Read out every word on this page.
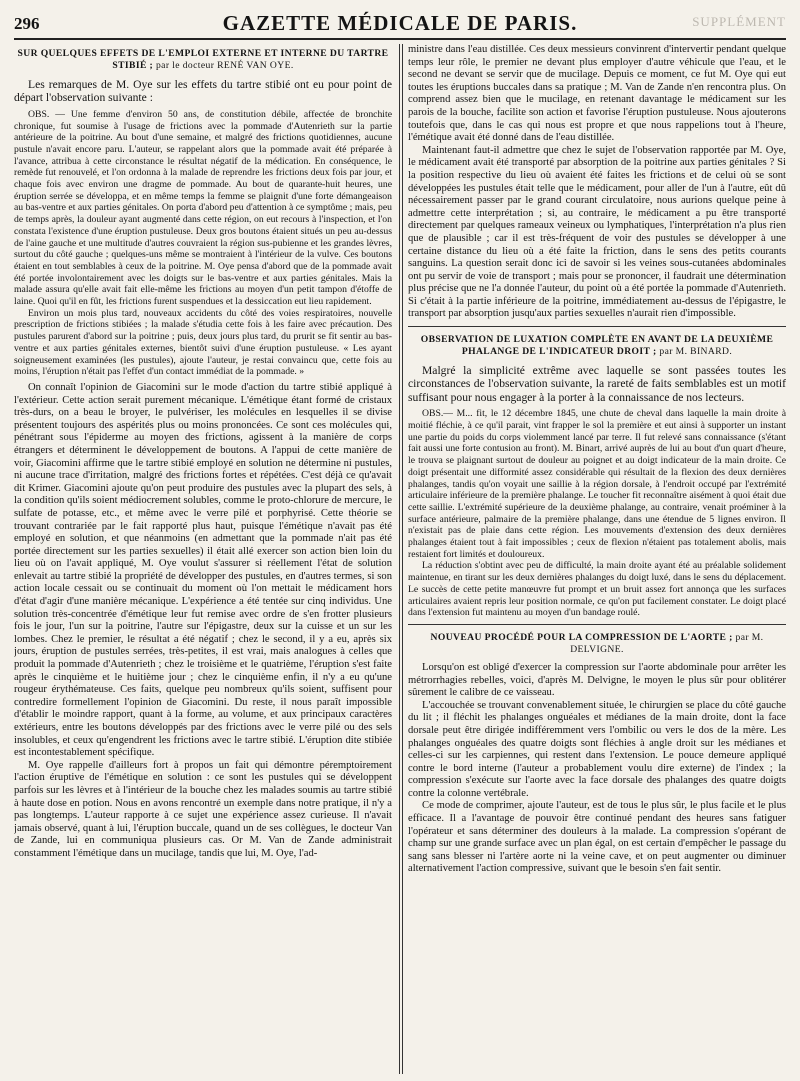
296	GAZETTE MÉDICALE DE PARIS.	SUPPLÉMENT
SUR QUELQUES EFFETS DE L'EMPLOI EXTERNE ET INTERNE DU TARTRE STIBIÉ ; par le docteur RENÉ VAN OYE.

Les remarques de M. Oye sur les effets du tartre stibié ont eu pour point de départ l'observation suivante :

OBS. — Une femme d'environ 50 ans, de constitution débile, affectée de bronchite chronique, fut soumise à l'usage de frictions avec la pommade d'Autenrieth sur la partie antérieure de la poitrine. Au bout d'une semaine, et malgré des frictions quotidiennes, aucune pustule n'avait encore paru. L'auteur, se rappelant alors que la pommade avait été préparée à l'avance, attribua à cette circonstance le résultat négatif de la médication. En conséquence, le remède fut renouvelé, et l'on ordonna à la malade de reprendre les frictions deux fois par jour, et chaque fois avec environ une dragme de pommade. Au bout de quarante-huit heures, une éruption serrée se développa, et en même temps la femme se plaignit d'une forte démangeaison au bas-ventre et aux parties génitales. On porta d'abord peu d'attention à ce symptôme ; mais, peu de temps après, la douleur ayant augmenté dans cette région, on eut recours à l'inspection, et l'on constata l'existence d'une éruption pustuleuse. Deux gros boutons étaient situés un peu au-dessus de l'aine gauche et une multitude d'autres couvraient la région sus-pubienne et les grandes lèvres, surtout du côté gauche ; quelques-uns même se montraient à l'intérieur de la vulve. Ces boutons étaient en tout semblables à ceux de la poitrine. M. Oye pensa d'abord que de la pommade avait été portée involontairement avec les doigts sur le bas-ventre et aux parties génitales. Mais la malade assura qu'elle avait fait elle-même les frictions au moyen d'un petit tampon d'étoffe de laine. Quoi qu'il en fût, les frictions furent suspendues et la dessiccation eut lieu rapidement.

Environ un mois plus tard, nouveaux accidents du côté des voies respiratoires, nouvelle prescription de frictions stibiées ; la malade s'étudia cette fois à les faire avec précaution. Des pustules parurent d'abord sur la poitrine ; puis, deux jours plus tard, du prurit se fit sentir au bas-ventre et aux parties génitales externes, bientôt suivi d'une éruption pustuleuse. « Les ayant soigneusement examinées (les pustules), ajoute l'auteur, je restai convaincu que, cette fois au moins, l'éruption n'était pas l'effet d'un contact immédiat de la pommade. »

On connaît l'opinion de Giacomini sur le mode d'action du tartre stibié appliqué à l'extérieur. Cette action serait purement mécanique. L'émétique étant formé de cristaux très-durs, on a beau le broyer, le pulvériser, les molécules en lesquelles il se divise présentent toujours des aspérités plus ou moins prononcées. Ce sont ces molécules qui, pénétrant sous l'épiderme au moyen des frictions, agissent à la manière de corps étrangers et déterminent le développement de boutons. A l'appui de cette manière de voir, Giacomini affirme que le tartre stibié employé en solution ne détermine ni pustules, ni aucune trace d'irritation, malgré des frictions fortes et répétées. C'est déjà ce qu'avait dit Krimer. Giacomini ajoute qu'on peut produire des pustules avec la plupart des sels, à la condition qu'ils soient médiocrement solubles, comme le proto-chlorure de mercure, le sulfate de potasse, etc., et même avec le verre pilé et porphyrisé. Cette théorie se trouvant contrariée par le fait rapporté plus haut, puisque l'émétique n'avait pas été employé en solution, et que néanmoins (en admettant que la pommade n'ait pas été portée directement sur les parties sexuelles) il était allé exercer son action bien loin du lieu où on l'avait appliqué, M. Oye voulut s'assurer si réellement l'état de solution enlevait au tartre stibié la propriété de développer des pustules, en d'autres termes, si son action locale cessait ou se continuait du moment où l'on mettait le médicament hors d'état d'agir d'une manière mécanique. L'expérience a été tentée sur cinq individus. Une solution très-concentrée d'émétique leur fut remise avec ordre de s'en frotter plusieurs fois le jour, l'un sur la poitrine, l'autre sur l'épigastre, deux sur la cuisse et un sur les lombes. Chez le premier, le résultat a été négatif ; chez le second, il y a eu, après six jours, éruption de pustules serrées, très-petites, il est vrai, mais analogues à celles que produit la pommade d'Autenrieth ; chez le troisième et le quatrième, l'éruption s'est faite après le cinquième et le huitième jour ; chez le cinquième enfin, il n'y a eu qu'une rougeur érythémateuse. Ces faits, quelque peu nombreux qu'ils soient, suffisent pour contredire formellement l'opinion de Giacomini. Du reste, il nous paraît impossible d'établir le moindre rapport, quant à la forme, au volume, et aux principaux caractères extérieurs, entre les boutons développés par des frictions avec le verre pilé ou des sels insolubles, et ceux qu'engendrent les frictions avec le tartre stibié. L'éruption dite stibiée est incontestablement spécifique.

M. Oye rappelle d'ailleurs fort à propos un fait qui démontre péremptoirement l'action éruptive de l'émétique en solution : ce sont les pustules qui se développent parfois sur les lèvres et à l'intérieur de la bouche chez les malades soumis au tartre stibié à haute dose en potion. Nous en avons rencontré un exemple dans notre pratique, il n'y a pas longtemps. L'auteur rapporte à ce sujet une expérience assez curieuse. Il n'avait jamais observé, quant à lui, l'éruption buccale, quand un de ses collègues, le docteur Van de Zande, lui en communiqua plusieurs cas. Or M. Van de Zande administrait constamment l'émétique dans un mucilage, tandis que lui, M. Oye, l'ad-

ministre dans l'eau distillée. Ces deux messieurs convinrent d'intervertir pendant quelque temps leur rôle, le premier ne devant plus employer d'autre véhicule que l'eau, et le second ne devant se servir que de mucilage. Depuis ce moment, ce fut M. Oye qui eut toutes les éruptions buccales dans sa pratique ; M. Van de Zande n'en rencontra plus. On comprend assez bien que le mucilage, en retenant davantage le médicament sur les parois de la bouche, facilite son action et favorise l'éruption pustuleuse. Nous ajouterons toutefois que, dans le cas qui nous est propre et que nous rappelions tout à l'heure, l'émétique avait été donné dans de l'eau distillée.

Maintenant faut-il admettre que chez le sujet de l'observation rapportée par M. Oye, le médicament avait été transporté par absorption de la poitrine aux parties génitales ? Si la position respective du lieu où avaient été faites les frictions et de celui où se sont développées les pustules était telle que le médicament, pour aller de l'un à l'autre, eût dû nécessairement passer par le grand courant circulatoire, nous aurions quelque peine à admettre cette interprétation ; si, au contraire, le médicament a pu être transporté directement par quelques rameaux veineux ou lymphatiques, l'interprétation n'a plus rien que de plausible ; car il est très-fréquent de voir des pustules se développer à une certaine distance du lieu où a été faite la friction, dans le sens des petits courants sanguins. La question serait donc ici de savoir si les veines sous-cutanées abdominales ont pu servir de voie de transport ; mais pour se prononcer, il faudrait une détermination plus précise que ne l'a donnée l'auteur, du point où a été portée la pommade d'Autenrieth. Si c'était à la partie inférieure de la poitrine, immédiatement au-dessus de l'épigastre, le transport par absorption jusqu'aux parties sexuelles n'aurait rien d'impossible.

OBSERVATION DE LUXATION COMPLÈTE EN AVANT DE LA DEUXIÈME PHALANGE DE L'INDICATEUR DROIT ; par M. BINARD.

Malgré la simplicité extrême avec laquelle se sont passées toutes les circonstances de l'observation suivante, la rareté de faits semblables est un motif suffisant pour nous engager à la porter à la connaissance de nos lecteurs.

OBS.— M... fit, le 12 décembre 1845, une chute de cheval dans laquelle la main droite à moitié fléchie, à ce qu'il parait, vint frapper le sol la première et eut ainsi à supporter un instant une partie du poids du corps violemment lancé par terre. Il fut relevé sans connaissance (s'étant fait aussi une forte contusion au front). M. Binart, arrivé auprès de lui au bout d'un quart d'heure, le trouva se plaignant surtout de douleur au poignet et au doigt indicateur de la main droite. Ce doigt présentait une difformité assez considérable qui résultait de la flexion des deux dernières phalanges, tandis qu'on voyait une saillie à la région dorsale, à l'endroit occupé par l'extrémité articulaire inférieure de la première phalange. Le toucher fit reconnaître aisément à quoi était due cette saillie. L'extrémité supérieure de la deuxième phalange, au contraire, venait proéminer à la surface antérieure, palmaire de la première phalange, dans une étendue de 5 lignes environ. Il n'existait pas de plaie dans cette région. Les mouvements d'extension des deux dernières phalanges étaient tout à fait impossibles ; ceux de flexion n'étaient pas totalement abolis, mais restaient fort limités et douloureux.

La réduction s'obtint avec peu de difficulté, la main droite ayant été au préalable solidement maintenue, en tirant sur les deux dernières phalanges du doigt luxé, dans le sens du déplacement. Le succès de cette petite manœuvre fut prompt et un bruit assez fort annonça que les surfaces articulaires avaient repris leur position normale, ce qu'on put facilement constater. Le doigt placé dans l'extension fut maintenu au moyen d'un bandage roulé.

NOUVEAU PROCÉDÉ POUR LA COMPRESSION DE L'AORTE ; par M. DELVIGNE.

Lorsqu'on est obligé d'exercer la compression sur l'aorte abdominale pour arrêter les métrorrhagies rebelles, voici, d'après M. Delvigne, le moyen le plus sûr pour oblitérer sûrement le calibre de ce vaisseau.

L'accouchée se trouvant convenablement située, le chirurgien se place du côté gauche du lit ; il fléchit les phalanges onguéales et médianes de la main droite, dont la face dorsale peut être dirigée indifféremment vers l'ombilic ou vers le dos de la mère. Les phalanges onguéales des quatre doigts sont fléchies à angle droit sur les médianes et celles-ci sur les carpiennes, qui restent dans l'extension. Le pouce demeure appliqué contre le bord interne (l'auteur a probablement voulu dire externe) de l'index ; la compression s'exécute sur l'aorte avec la face dorsale des phalanges des quatre doigts contre la colonne vertébrale.

Ce mode de comprimer, ajoute l'auteur, est de tous le plus sûr, le plus facile et le plus efficace. Il a l'avantage de pouvoir être continué pendant des heures sans fatiguer l'opérateur et sans déterminer des douleurs à la malade. La compression s'opérant de champ sur une grande surface avec un plan égal, on est certain d'empêcher le passage du sang sans blesser ni l'artère aorte ni la veine cave, et on peut augmenter ou diminuer alternativement l'action compressive, suivant que le besoin s'en fait sentir.
